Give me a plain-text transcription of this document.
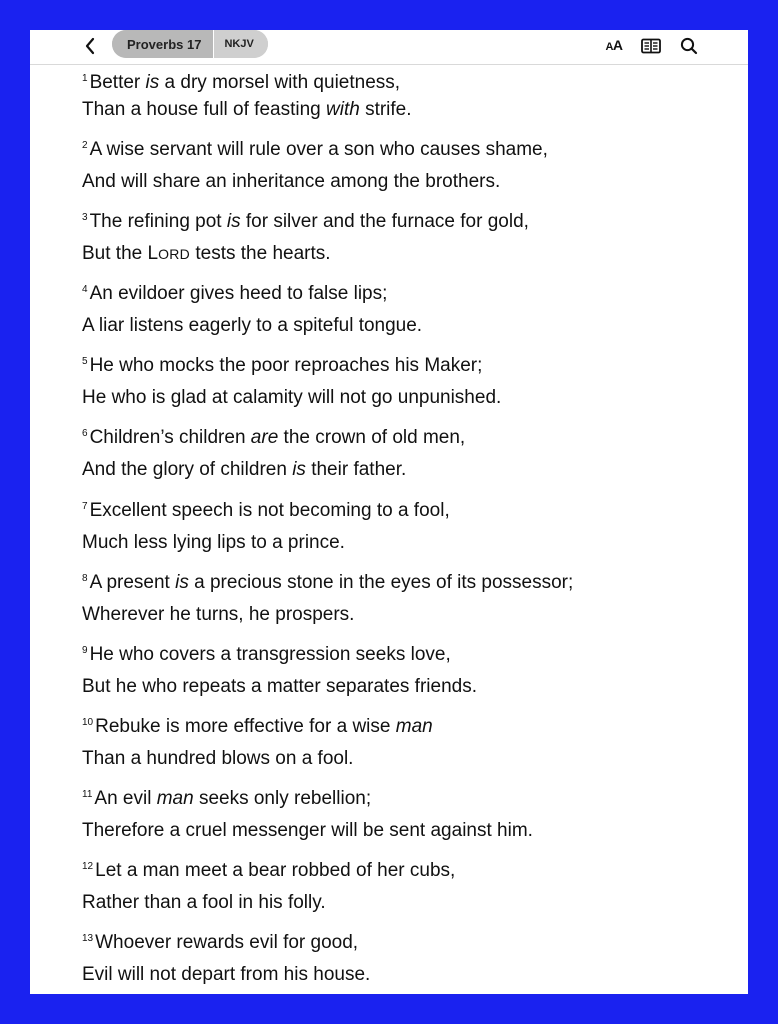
Proverbs 17	NKJV	AA
$^1$ Better is a dry morsel with quietness,
Than a house full of feasting with strife.
$^2$ A wise servant will rule over a son who causes shame,
And will share an inheritance among the brothers.
$^3$ The refining pot is for silver and the furnace for gold,
But the LORD tests the hearts.
$^4$ An evildoer gives heed to false lips;
A liar listens eagerly to a spiteful tongue.
$^5$ He who mocks the poor reproaches his Maker;
He who is glad at calamity will not go unpunished.
$^6$ Children’s children are the crown of old men,
And the glory of children is their father.
$^7$ Excellent speech is not becoming to a fool,
Much less lying lips to a prince.
$^8$ A present is a precious stone in the eyes of its possessor;
Wherever he turns, he prospers.
$^9$ He who covers a transgression seeks love,
But he who repeats a matter separates friends.
$^{10}$ Rebuke is more effective for a wise man
Than a hundred blows on a fool.
$^{11}$ An evil man seeks only rebellion;
Therefore a cruel messenger will be sent against him.
$^{12}$ Let a man meet a bear robbed of her cubs,
Rather than a fool in his folly.
$^{13}$ Whoever rewards evil for good,
Evil will not depart from his house.
